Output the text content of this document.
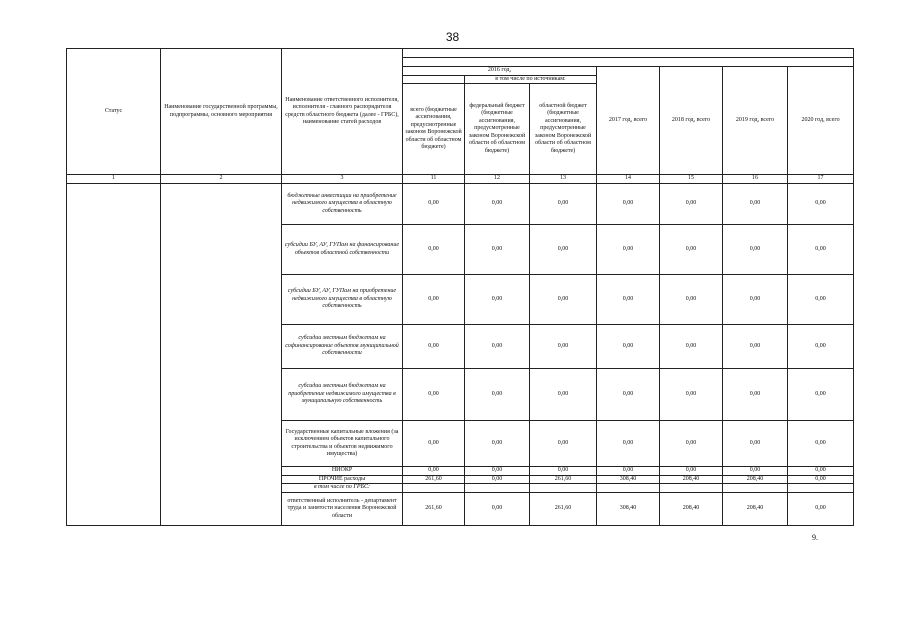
38
Статус	Наименование государственной программы, подпрограммы, основного мероприятия	Наименование ответственного исполнителя, исполнителя - главного распорядителя средств областного бюджета (далее - ГРБС), наименование статей расходов							

			2016 год,			2017 год, всего	2018 год, всего	2019 год, всего	2020 год, всего
				в том числе по источникам:					
			всего (бюджетные ассигнования, предусмотренные законом Воронежской области об областном бюджете)	федеральный бюджет (бюджетные ассигнования, предусмотренные законом Воронежской области об областном бюджете)	областной бюджет (бюджетные ассигнования, предусмотренные законом Воронежской области об областном бюджете)				
1	2	3	11	12	13	14	15	16	17
		бюджетные инвестиции на приобретение недвижимого имущества в областную собственность	0,00	0,00	0,00	0,00	0,00	0,00	0,00
		субсидии БУ, АУ, ГУПам на финансирование объектов областной собственности	0,00	0,00	0,00	0,00	0,00	0,00	0,00
		субсидии БУ, АУ, ГУПам на приобретение недвижимого имущества в областную собственность	0,00	0,00	0,00	0,00	0,00	0,00	0,00
		субсидии местным бюджетам на софинансирование объектов муниципальной собственности	0,00	0,00	0,00	0,00	0,00	0,00	0,00
		субсидии местным бюджетам на приобретение недвижимого имущества в муниципальную собственность	0,00	0,00	0,00	0,00	0,00	0,00	0,00
		Государственные капитальные вложения (за исключением объектов капитального строительства и объектов недвижимого имущества)	0,00	0,00	0,00	0,00	0,00	0,00	0,00
		НИОКР	0,00	0,00	0,00	0,00	0,00	0,00	0,00
		ПРОЧИЕ расходы	261,60	0,00	261,60	308,40	208,40	208,40	0,00
		в том числе по ГРБС:							
		ответственный исполнитель - департамент труда и занятости населения Воронежской области	261,60	0,00	261,60	308,40	208,40	208,40	0,00
9.
